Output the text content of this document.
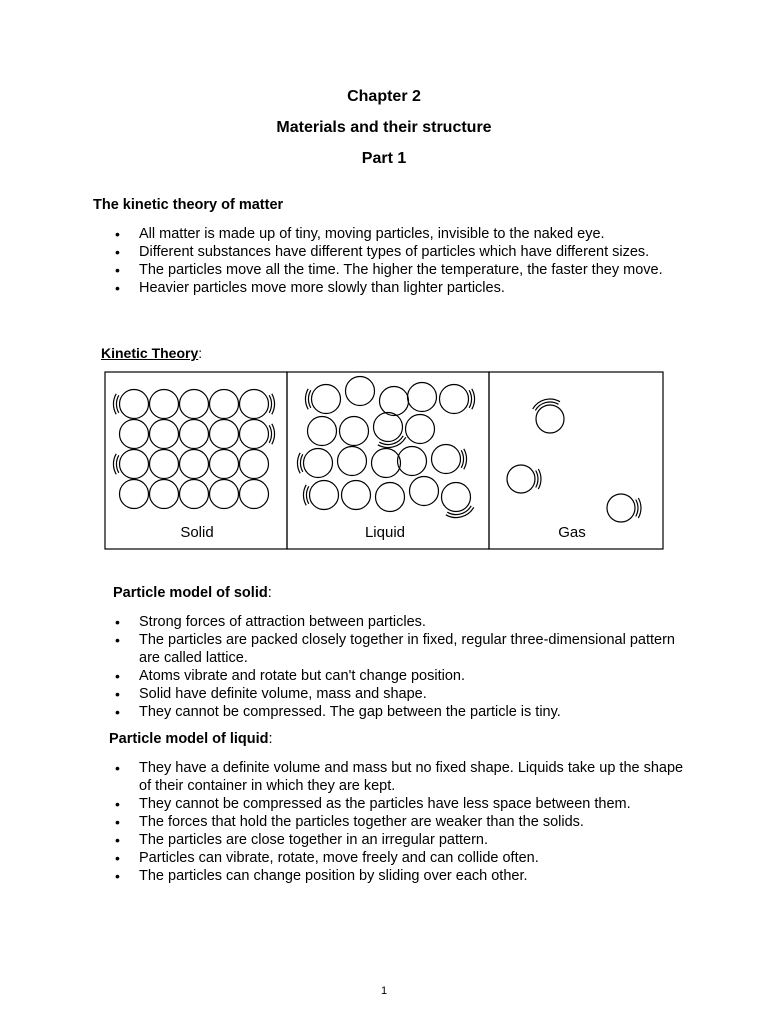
Chapter 2
Materials and their structure
Part 1
The kinetic theory of matter
• All matter is made up of tiny, moving particles, invisible to the naked eye.
• Different substances have different types of particles which have different sizes.
• The particles move all the time. The higher the temperature, the faster they move.
• Heavier particles move more slowly than lighter particles.
Kinetic Theory:
Solid	Liquid	Gas
Particle model of solid:
• Strong forces of attraction between particles.
• The particles are packed closely together in fixed, regular three-dimensional pattern are called lattice.
• Atoms vibrate and rotate but can't change position.
• Solid have definite volume, mass and shape.
• They cannot be compressed. The gap between the particle is tiny.
Particle model of liquid:
• They have a definite volume and mass but no fixed shape. Liquids take up the shape of their container in which they are kept.
• They cannot be compressed as the particles have less space between them.
• The forces that hold the particles together are weaker than the solids.
• The particles are close together in an irregular pattern.
• Particles can vibrate, rotate, move freely and can collide often.
• The particles can change position by sliding over each other.
1
